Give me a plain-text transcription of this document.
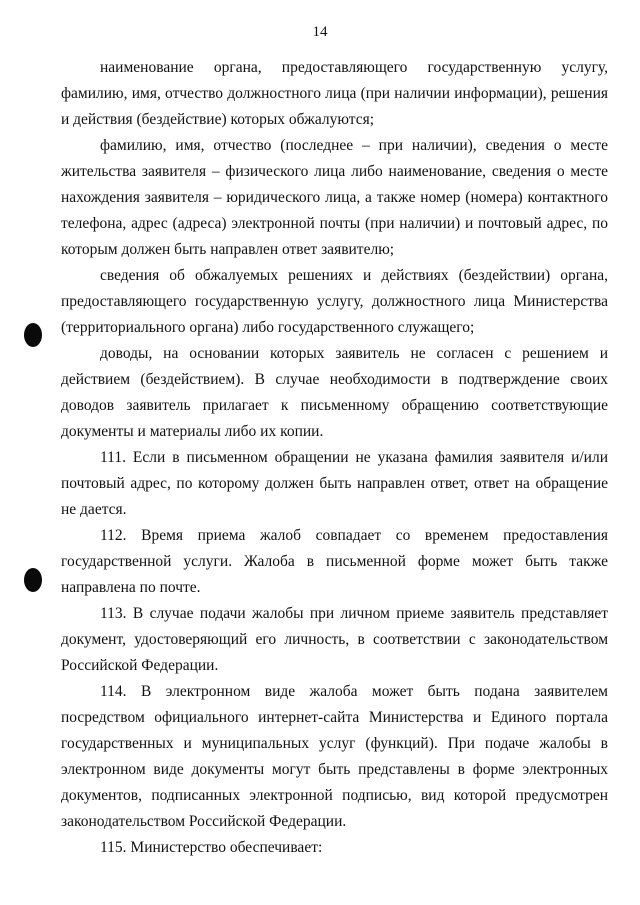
14

наименование органа, предоставляющего государственную услугу, фамилию, имя, отчество должностного лица (при наличии информации), решения и действия (бездействие) которых обжалуются;

фамилию, имя, отчество (последнее – при наличии), сведения о месте жительства заявителя – физического лица либо наименование, сведения о месте нахождения заявителя – юридического лица, а также номер (номера) контактного телефона, адрес (адреса) электронной почты (при наличии) и почтовый адрес, по которым должен быть направлен ответ заявителю;

сведения об обжалуемых решениях и действиях (бездействии) органа, предоставляющего государственную услугу, должностного лица Министерства (территориального органа) либо государственного служащего;

доводы, на основании которых заявитель не согласен с решением и действием (бездействием). В случае необходимости в подтверждение своих доводов заявитель прилагает к письменному обращению соответствующие документы и материалы либо их копии.

111. Если в письменном обращении не указана фамилия заявителя и/или почтовый адрес, по которому должен быть направлен ответ, ответ на обращение не дается.

112. Время приема жалоб совпадает со временем предоставления государственной услуги. Жалоба в письменной форме может быть также направлена по почте.

113. В случае подачи жалобы при личном приеме заявитель представляет документ, удостоверяющий его личность, в соответствии с законодательством Российской Федерации.

114. В электронном виде жалоба может быть подана заявителем посредством официального интернет-сайта Министерства и Единого портала государственных и муниципальных услуг (функций). При подаче жалобы в электронном виде документы могут быть представлены в форме электронных документов, подписанных электронной подписью, вид которой предусмотрен законодательством Российской Федерации.

115. Министерство обеспечивает:
